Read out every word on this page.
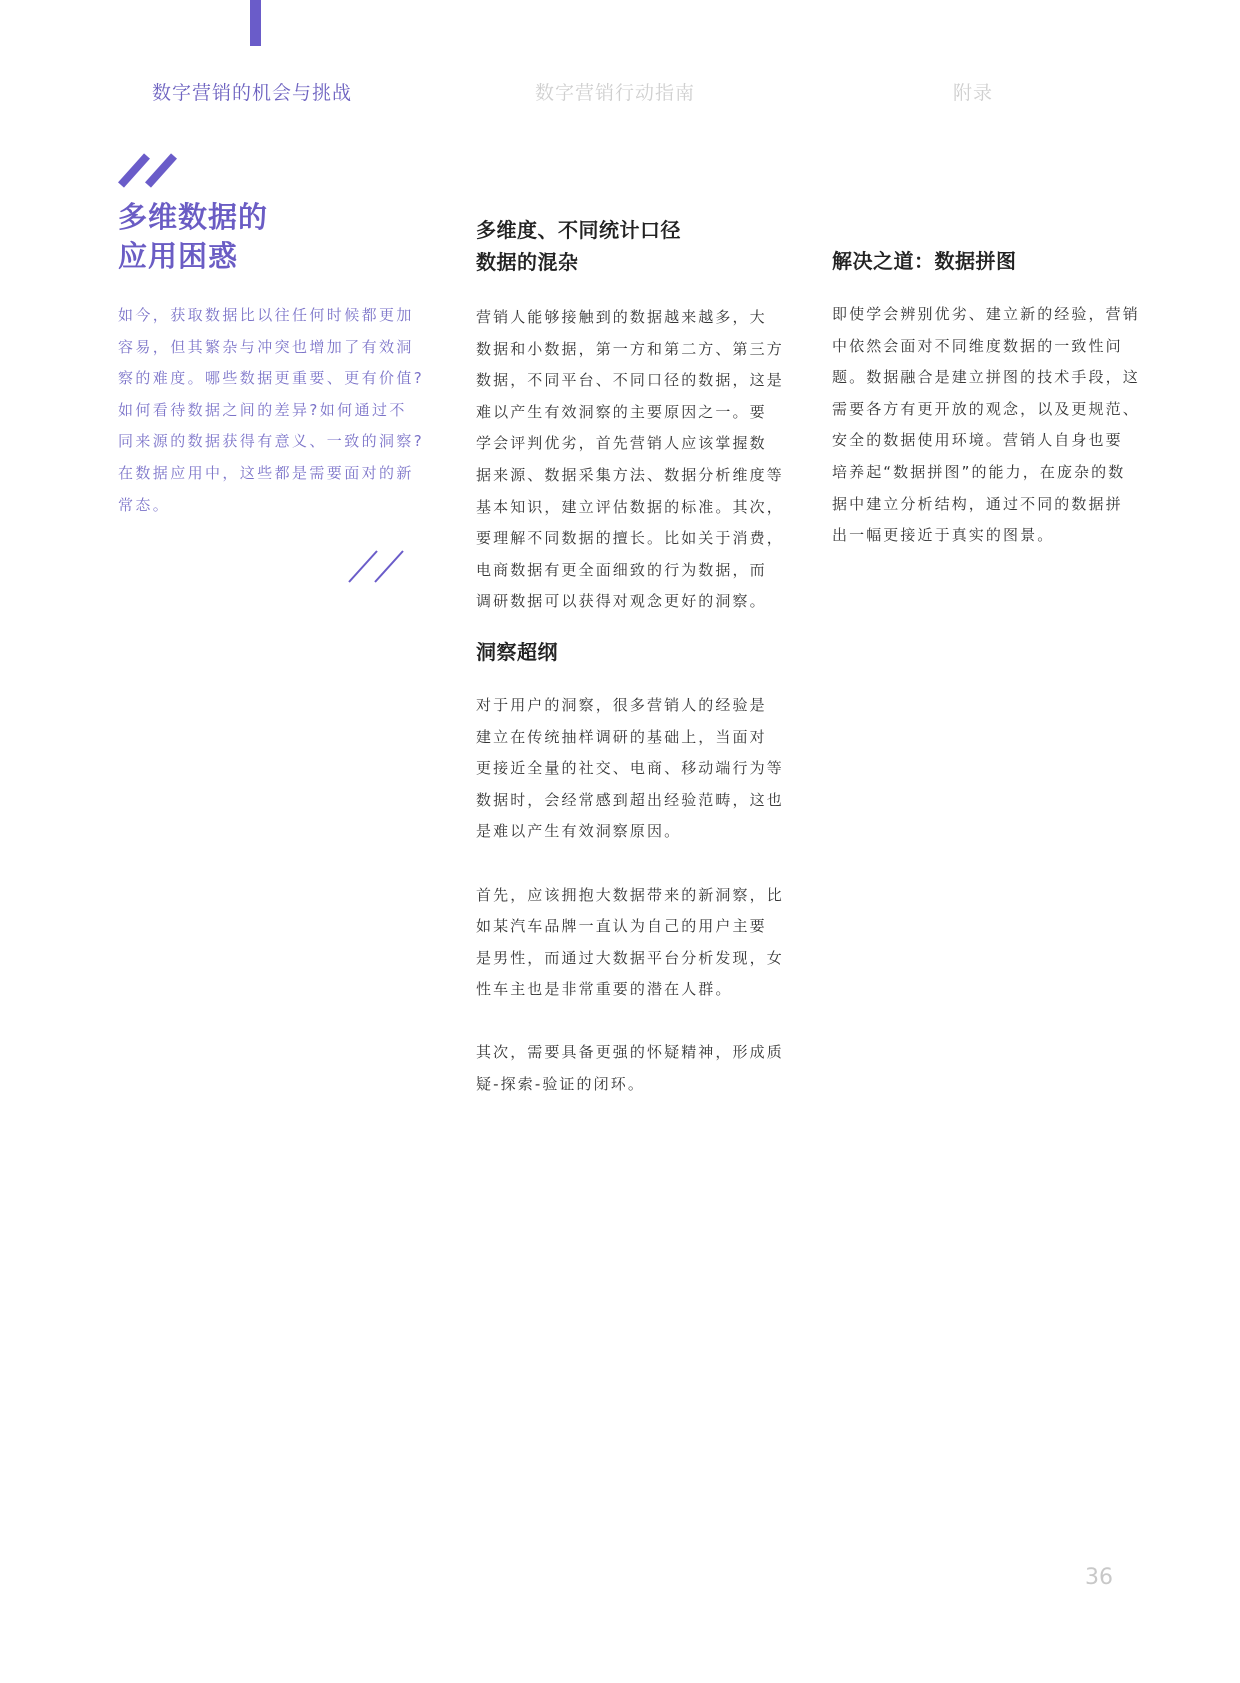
数字营销的机会与挑战	数字营销行动指南	附录
多维数据的
应用困惑
如今，获取数据比以往任何时候都更加
容易，但其繁杂与冲突也增加了有效洞
察的难度。哪些数据更重要、更有价值?
如何看待数据之间的差异?如何通过不
同来源的数据获得有意义、一致的洞察?
在数据应用中，这些都是需要面对的新
常态。
多维度、不同统计口径
数据的混杂
营销人能够接触到的数据越来越多，大
数据和小数据，第一方和第二方、第三方
数据，不同平台、不同口径的数据，这是
难以产生有效洞察的主要原因之一。要
学会评判优劣，首先营销人应该掌握数
据来源、数据采集方法、数据分析维度等
基本知识，建立评估数据的标准。其次，
要理解不同数据的擅长。比如关于消费，
电商数据有更全面细致的行为数据，而
调研数据可以获得对观念更好的洞察。
洞察超纲
对于用户的洞察，很多营销人的经验是
建立在传统抽样调研的基础上，当面对
更接近全量的社交、电商、移动端行为等
数据时，会经常感到超出经验范畴，这也
是难以产生有效洞察原因。
首先，应该拥抱大数据带来的新洞察，比
如某汽车品牌一直认为自己的用户主要
是男性，而通过大数据平台分析发现，女
性车主也是非常重要的潜在人群。
其次，需要具备更强的怀疑精神，形成质
疑-探索-验证的闭环。
解决之道：数据拼图
即使学会辨别优劣、建立新的经验，营销
中依然会面对不同维度数据的一致性问
题。数据融合是建立拼图的技术手段，这
需要各方有更开放的观念，以及更规范、
安全的数据使用环境。营销人自身也要
培养起“数据拼图”的能力，在庞杂的数
据中建立分析结构，通过不同的数据拼
出一幅更接近于真实的图景。
36
